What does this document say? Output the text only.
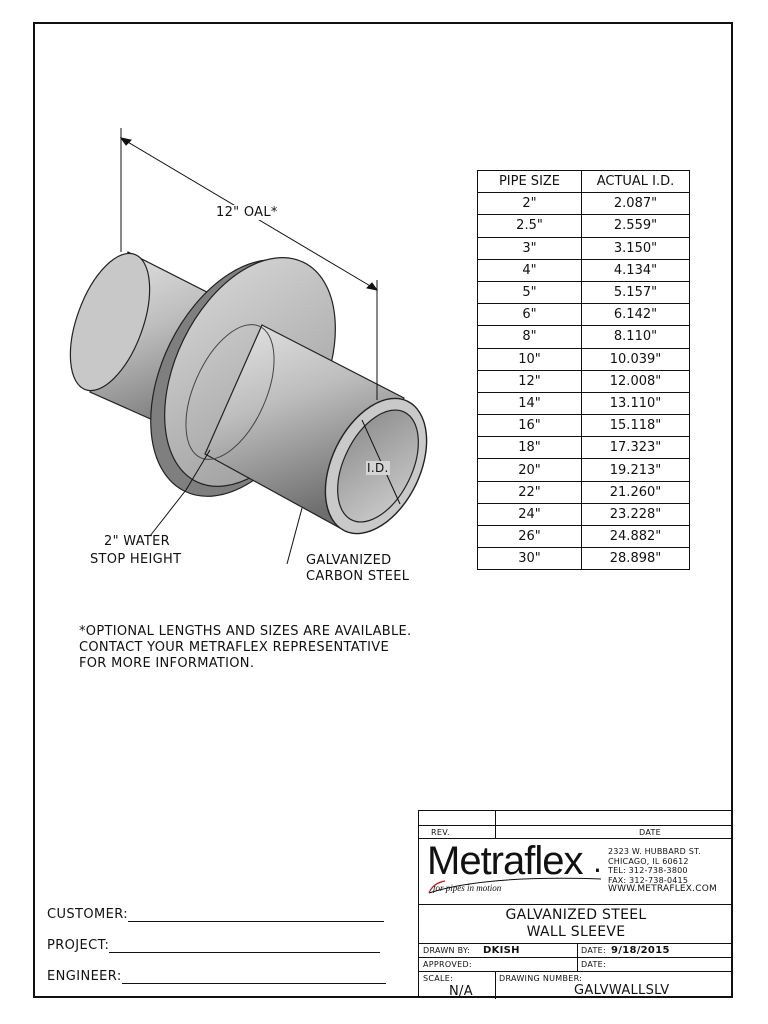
12" OAL*
I.D.
2" WATER
STOP HEIGHT	GALVANIZED
CARBON STEEL
PIPE SIZE	ACTUAL I.D.
2"	2.087"
2.5"	2.559"
3"	3.150"
4"	4.134"
5"	5.157"
6"	6.142"
8"	8.110"
10"	10.039"
12"	12.008"
14"	13.110"
16"	15.118"
18"	17.323"
20"	19.213"
22"	21.260"
24"	23.228"
26"	24.882"
30"	28.898"
*OPTIONAL LENGTHS AND SIZES ARE AVAILABLE.
CONTACT YOUR METRAFLEX REPRESENTATIVE
FOR MORE INFORMATION.
CUSTOMER:
PROJECT:
ENGINEER:
REV.	DATE
Metraflex .
for pipes in motion
2323 W. HUBBARD ST.
CHICAGO, IL 60612
TEL: 312-738-3800
FAX: 312-738-0415
WWW.METRAFLEX.COM
GALVANIZED STEEL
WALL SLEEVE
DRAWN BY: DKISH	DATE: 9/18/2015
APPROVED:	DATE:
SCALE:
N/A
DRAWING NUMBER:
GALVWALLSLV
